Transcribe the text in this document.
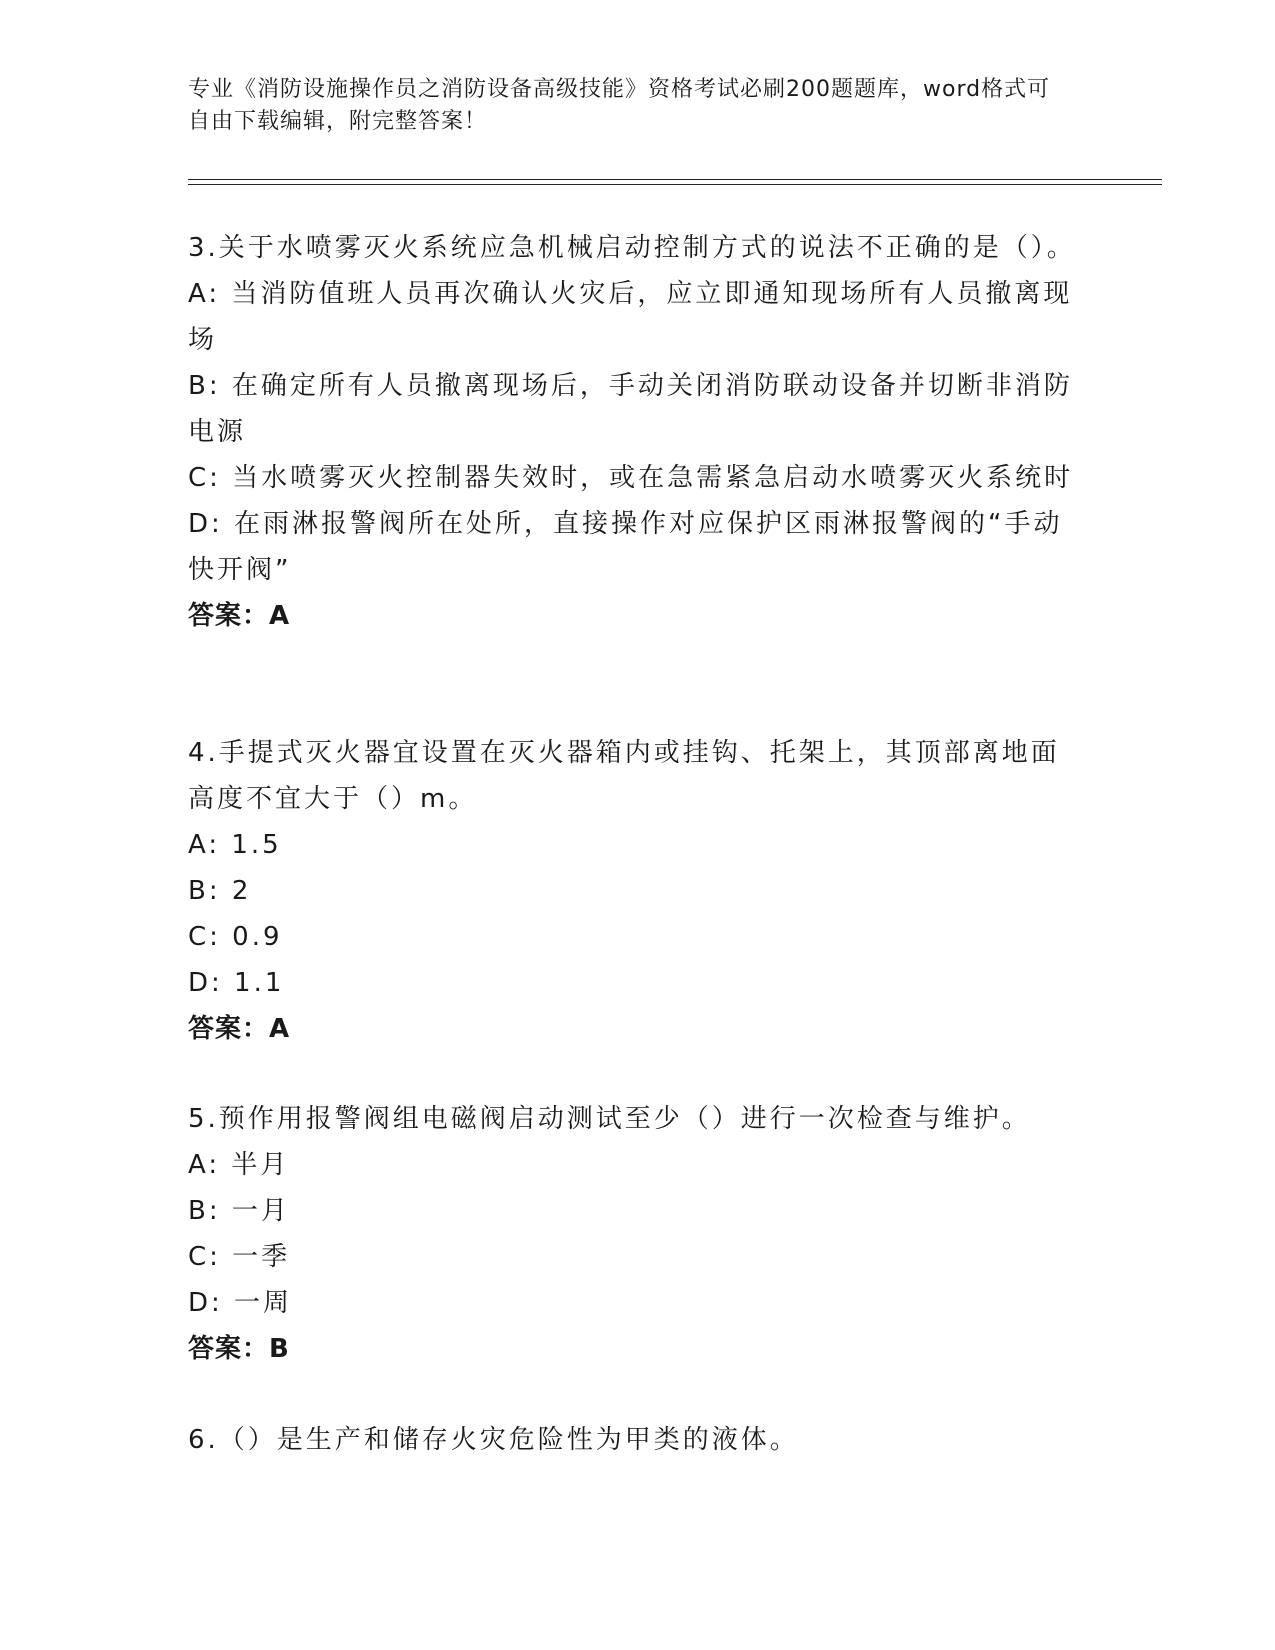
专业《消防设施操作员之消防设备高级技能》资格考试必刷200题题库，word格式可自由下载编辑，附完整答案！
3.关于水喷雾灭火系统应急机械启动控制方式的说法不正确的是（）。
A: 当消防值班人员再次确认火灾后，应立即通知现场所有人员撤离现场
B: 在确定所有人员撤离现场后，手动关闭消防联动设备并切断非消防电源
C: 当水喷雾灭火控制器失效时，或在急需紧急启动水喷雾灭火系统时
D: 在雨淋报警阀所在处所，直接操作对应保护区雨淋报警阀的“手动快开阀”
答案：A
4.手提式灭火器宜设置在灭火器箱内或挂钩、托架上，其顶部离地面高度不宜大于（）m。
A: 1.5
B: 2
C: 0.9
D: 1.1
答案：A
5.预作用报警阀组电磁阀启动测试至少（）进行一次检查与维护。
A: 半月
B: 一月
C: 一季
D: 一周
答案：B
6.（）是生产和储存火灾危险性为甲类的液体。
